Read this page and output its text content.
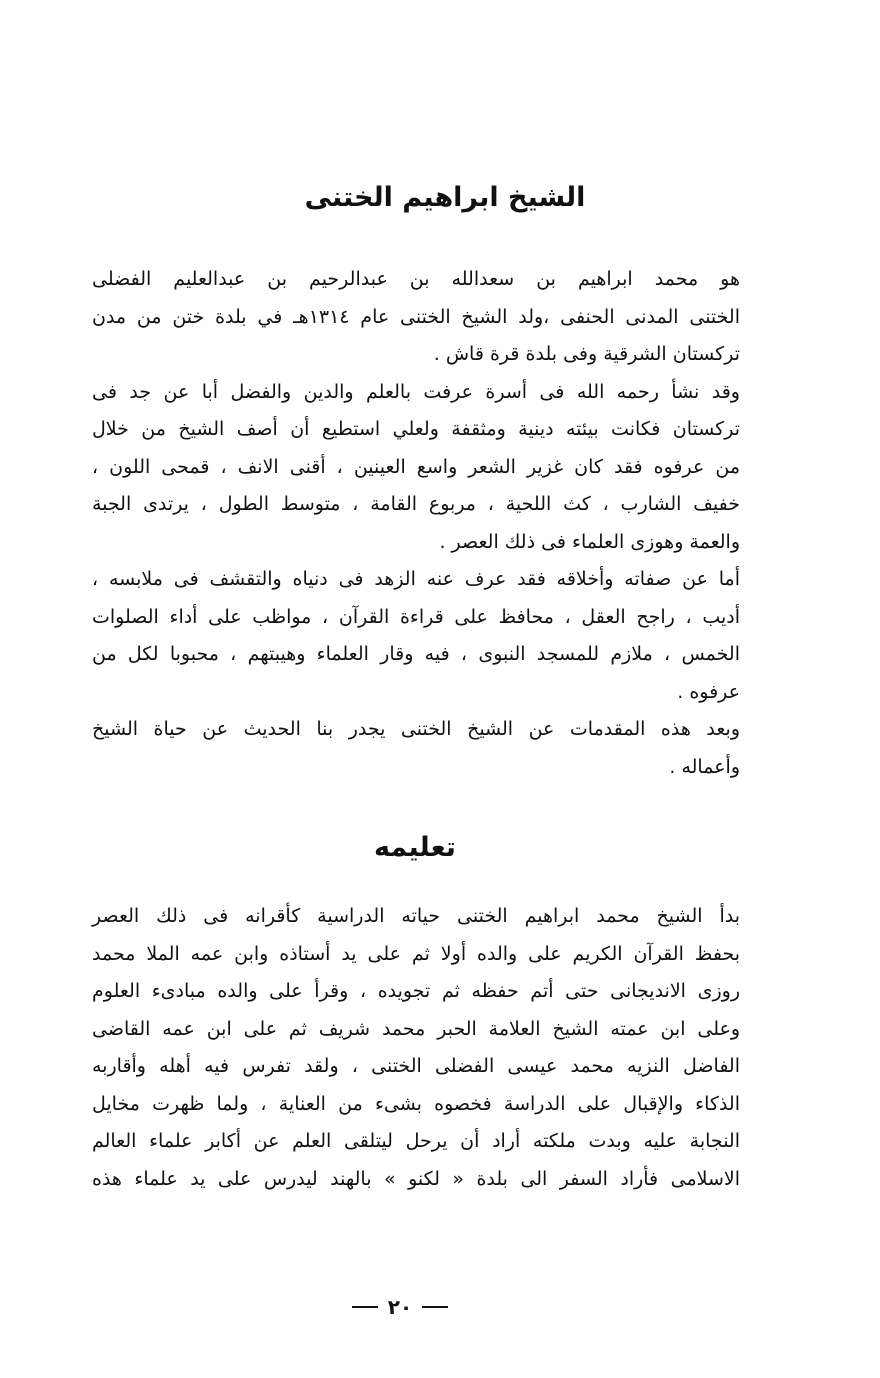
الشيخ ابراهيم الختنى
هو محمد ابراهيم بن سعدالله بن عبدالرحيم بن عبدالعليم الفضلى
الختنى المدنى الحنفى ،ولد الشيخ الختنى عام ١٣١٤هـ في بلدة ختن من مدن
تركستان الشرقية وفى بلدة قرة قاش .
وقد نشأ رحمه الله فى أسرة عرفت بالعلم والدين والفضل أبا عن جد فى
تركستان فكانت بيئته دينية ومثقفة ولعلي استطيع أن أصف الشيخ من خلال
من عرفوه فقد كان غزير الشعر واسع العينين ، أقنى الانف ، قمحى اللون ،
خفيف الشارب ، كث اللحية ، مربوع القامة ، متوسط الطول ، يرتدى الجبة
والعمة وهوزى العلماء فى ذلك العصر .
أما عن صفاته وأخلاقه فقد عرف عنه الزهد فى دنياه والتقشف فى ملابسه ،
أديب ، راجح العقل ، محافظ على قراءة القرآن ، مواظب على أداء الصلوات
الخمس ، ملازم للمسجد النبوى ، فيه وقار العلماء وهيبتهم ، محبوبا لكل من
عرفوه .
وبعد هذه المقدمات عن الشيخ الختنى يجدر بنا الحديث عن حياة الشيخ
وأعماله .
تعليمه
بدأ الشيخ محمد ابراهيم الختنى حياته الدراسية كأقرانه فى ذلك العصر
بحفظ القرآن الكريم على والده أولا ثم على يد أستاذه وابن عمه الملا محمد
روزى الانديجانى حتى أتم حفظه ثم تجويده ، وقرأ على والده مبادىء العلوم
وعلى ابن عمته الشيخ العلامة الحبر محمد شريف ثم على ابن عمه القاضى
الفاضل النزيه محمد عيسى الفضلى الختنى ، ولقد تفرس فيه أهله وأقاربه
الذكاء والإقبال على الدراسة فخصوه بشىء من العناية ، ولما ظهرت مخايل
النجابة عليه وبدت ملكته أراد أن يرحل ليتلقى العلم عن أكابر علماء العالم
الاسلامى فأراد السفر الى بلدة « لكنو » بالهند ليدرس على يد علماء هذه
٢٠
